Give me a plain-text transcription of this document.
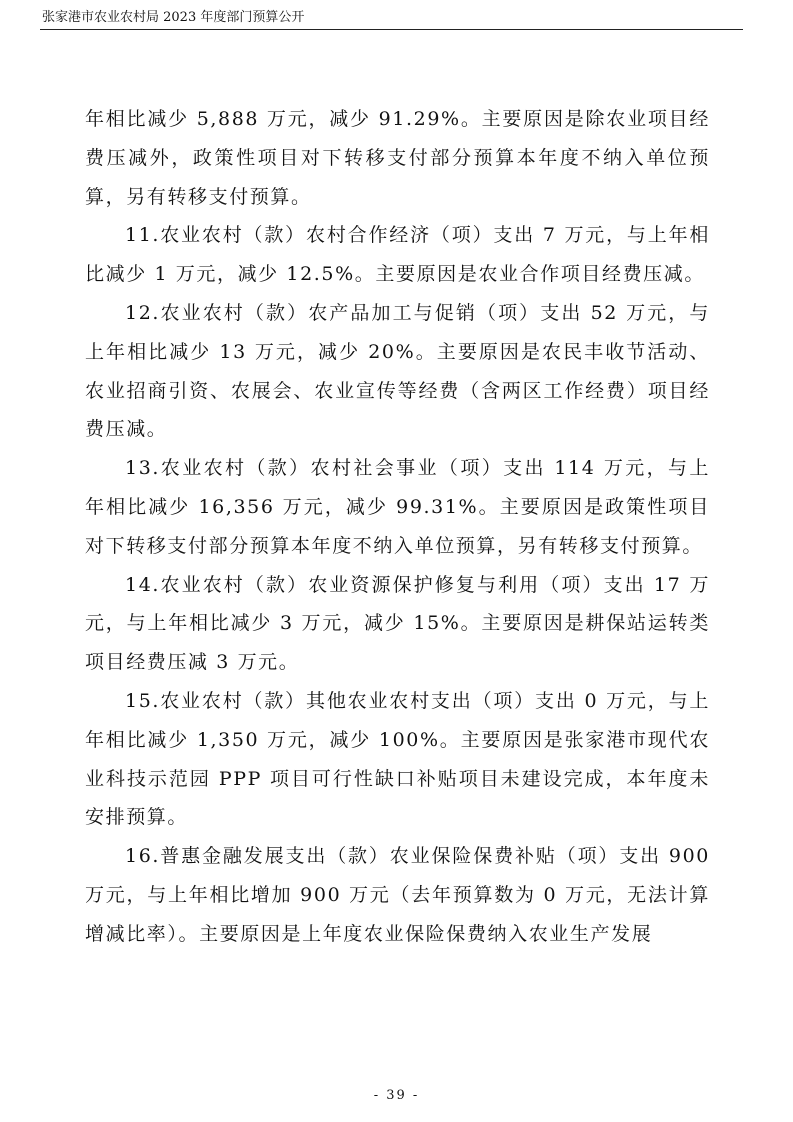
张家港市农业农村局 2023 年度部门预算公开

年相比减少 5,888 万元，减少 91.29%。主要原因是除农业项目经费压减外，政策性项目对下转移支付部分预算本年度不纳入单位预算，另有转移支付预算。

11.农业农村（款）农村合作经济（项）支出 7 万元，与上年相比减少 1 万元，减少 12.5%。主要原因是农业合作项目经费压减。

12.农业农村（款）农产品加工与促销（项）支出 52 万元，与上年相比减少 13 万元，减少 20%。主要原因是农民丰收节活动、农业招商引资、农展会、农业宣传等经费（含两区工作经费）项目经费压减。

13.农业农村（款）农村社会事业（项）支出 114 万元，与上年相比减少 16,356 万元，减少 99.31%。主要原因是政策性项目对下转移支付部分预算本年度不纳入单位预算，另有转移支付预算。

14.农业农村（款）农业资源保护修复与利用（项）支出 17 万元，与上年相比减少 3 万元，减少 15%。主要原因是耕保站运转类项目经费压减 3 万元。

15.农业农村（款）其他农业农村支出（项）支出 0 万元，与上年相比减少 1,350 万元，减少 100%。主要原因是张家港市现代农业科技示范园 PPP 项目可行性缺口补贴项目未建设完成，本年度未安排预算。

16.普惠金融发展支出（款）农业保险保费补贴（项）支出 900 万元，与上年相比增加 900 万元（去年预算数为 0 万元，无法计算增减比率）。主要原因是上年度农业保险保费纳入农业生产发展

- 39 -
